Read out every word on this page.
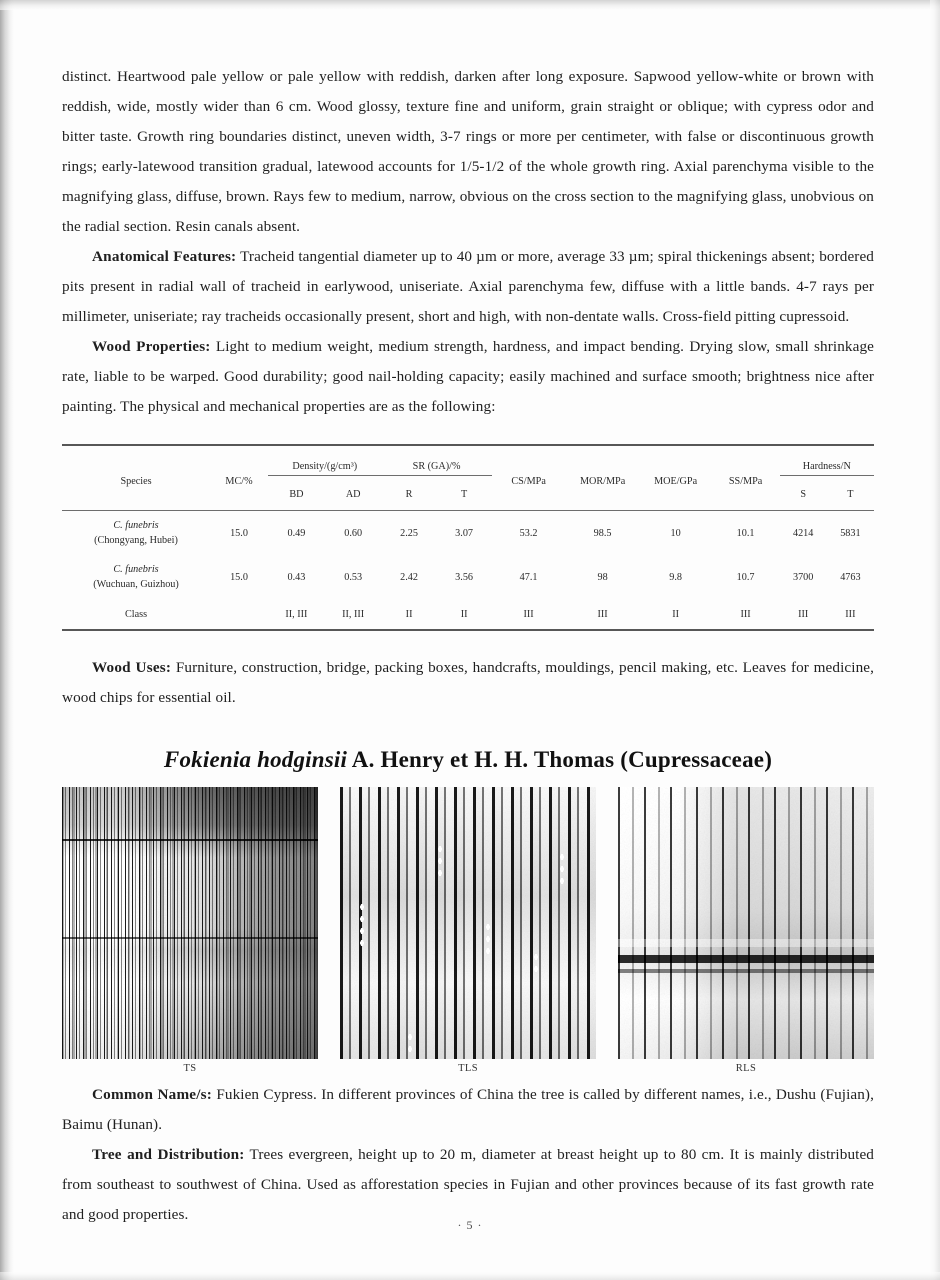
distinct. Heartwood pale yellow or pale yellow with reddish, darken after long exposure. Sapwood yellow-white or brown with reddish, wide, mostly wider than 6 cm. Wood glossy, texture fine and uniform, grain straight or oblique; with cypress odor and bitter taste. Growth ring boundaries distinct, uneven width, 3-7 rings or more per centimeter, with false or discontinuous growth rings; early-latewood transition gradual, latewood accounts for 1/5-1/2 of the whole growth ring. Axial parenchyma visible to the magnifying glass, diffuse, brown. Rays few to medium, narrow, obvious on the cross section to the magnifying glass, unobvious on the radial section. Resin canals absent.

Anatomical Features: Tracheid tangential diameter up to 40 µm or more, average 33 µm; spiral thickenings absent; bordered pits present in radial wall of tracheid in earlywood, uniseriate. Axial parenchyma few, diffuse with a little bands. 4-7 rays per millimeter, uniseriate; ray tracheids occasionally present, short and high, with non-dentate walls. Cross-field pitting cupressoid.

Wood Properties: Light to medium weight, medium strength, hardness, and impact bending. Drying slow, small shrinkage rate, liable to be warped. Good durability; good nail-holding capacity; easily machined and surface smooth; brightness nice after painting. The physical and mechanical properties are as the following:

Species	MC/%	Density/(g/cm³)		SR (GA)/%		CS/MPa	MOR/MPa	MOE/GPa	SS/MPa	Hardness/N	

		BD	AD	R	T					S	T
C. funebris
(Chongyang, Hubei)	15.0	0.49	0.60	2.25	3.07	53.2	98.5	10	10.1	4214	5831
C. funebris
(Wuchuan, Guizhou)	15.0	0.43	0.53	2.42	3.56	47.1	98	9.8	10.7	3700	4763
Class		II, III	II, III	II	II	III	III	II	III	III	III

Wood Uses: Furniture, construction, bridge, packing boxes, handcrafts, mouldings, pencil making, etc. Leaves for medicine, wood chips for essential oil.

Fokienia hodginsii A. Henry et H. H. Thomas (Cupressaceae)
TS	TLS	RLS

Common Name/s: Fukien Cypress. In different provinces of China the tree is called by different names, i.e., Dushu (Fujian), Baimu (Hunan).

Tree and Distribution: Trees evergreen, height up to 20 m, diameter at breast height up to 80 cm. It is mainly distributed from southeast to southwest of China. Used as afforestation species in Fujian and other provinces because of its fast growth rate and good properties.

· 5 ·
